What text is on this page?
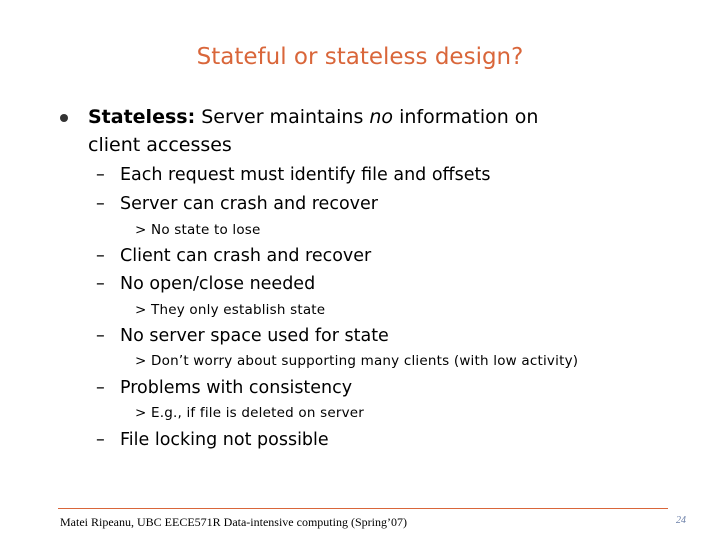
Stateful or stateless design?
Stateless: Server maintains no information on
client accesses
– Each request must identify file and offsets
– Server can crash and recover
> No state to lose
– Client can crash and recover
– No open/close needed
> They only establish state
– No server space used for state
> Don’t worry about supporting many clients (with low activity)
– Problems with consistency
> E.g., if file is deleted on server
– File locking not possible
Matei Ripeanu, UBC EECE571R Data-intensive computing (Spring’07)	24
